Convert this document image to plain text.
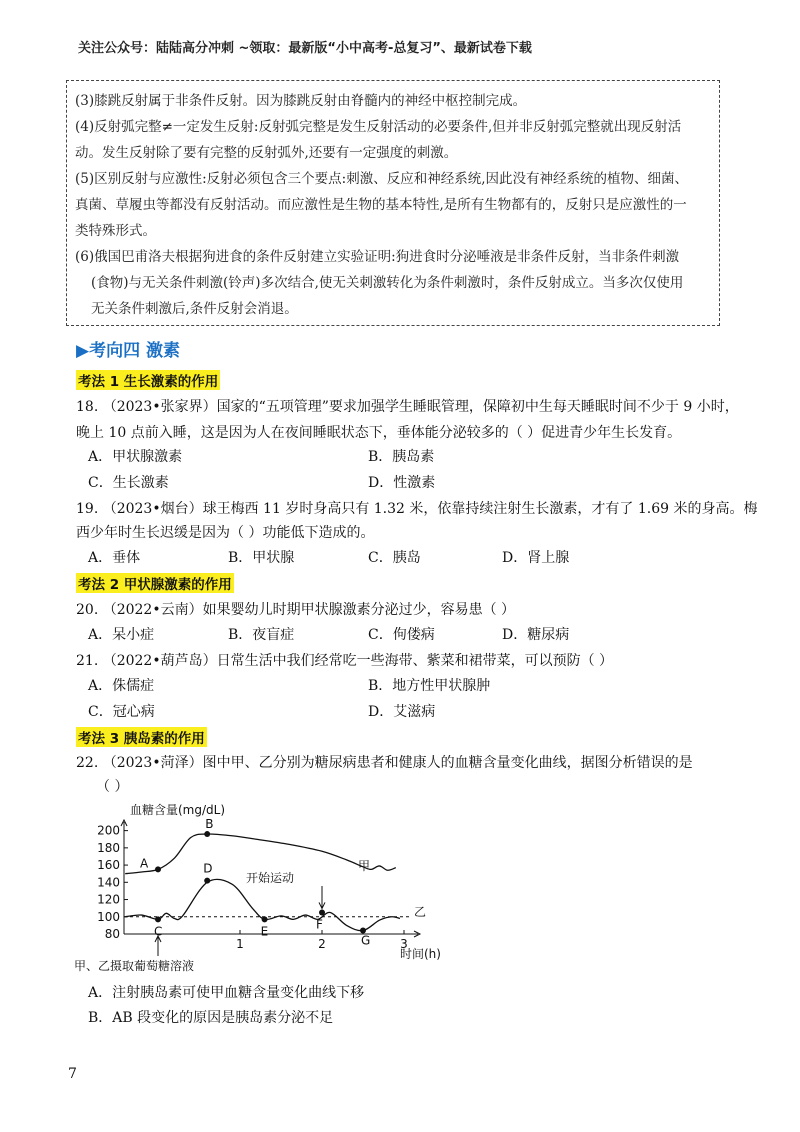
关注公众号：陆陆高分冲刺 ~领取：最新版“小中高考-总复习”、最新试卷下载
(3)膝跳反射属于非条件反射。因为膝跳反射由脊髓内的神经中枢控制完成。
(4)反射弧完整≠一定发生反射:反射弧完整是发生反射活动的必要条件,但并非反射弧完整就出现反射活
动。发生反射除了要有完整的反射弧外,还要有一定强度的刺激。
(5)区别反射与应激性:反射必须包含三个要点:刺激、反应和神经系统,因此没有神经系统的植物、细菌、
真菌、草履虫等都没有反射活动。而应激性是生物的基本特性,是所有生物都有的，反射只是应激性的一
类特殊形式。
(6)俄国巴甫洛夫根据狗进食的条件反射建立实验证明:狗进食时分泌唾液是非条件反射，当非条件刺激
(食物)与无关条件刺激(铃声)多次结合,使无关刺激转化为条件刺激时，条件反射成立。当多次仅使用
无关条件刺激后,条件反射会消退。
▶考向四 激素
考法 1 生长激素的作用
18. （2023•张家界）国家的“五项管理”要求加强学生睡眠管理，保障初中生每天睡眠时间不少于 9 小时，
晚上 10 点前入睡，这是因为人在夜间睡眠状态下，垂体能分泌较多的（ ）促进青少年生长发育。
A．甲状腺激素	B．胰岛素
C．生长激素	D．性激素
19. （2023•烟台）球王梅西 11 岁时身高只有 1.32 米，依靠持续注射生长激素，才有了 1.69 米的身高。梅
西少年时生长迟缓是因为（ ）功能低下造成的。
A．垂体	B．甲状腺	C．胰岛	D．肾上腺
考法 2 甲状腺激素的作用
20. （2022•云南）如果婴幼儿时期甲状腺激素分泌过少，容易患（ ）
A．呆小症	B．夜盲症	C．佝偻病	D．糖尿病
21. （2022•葫芦岛）日常生活中我们经常吃一些海带、紫菜和裙带菜，可以预防（ ）
A．侏儒症	B．地方性甲状腺肿
C．冠心病	D．艾滋病
考法 3 胰岛素的作用
22. （2023•菏泽）图中甲、乙分别为糖尿病患者和健康人的血糖含量变化曲线，据图分析错误的是
（ ）
血糖含量(mg/dL)
时间(h)
开始运动
甲、乙摄取葡萄糖溶液
甲
乙
200
180
160
140
120
100
80
1	2	3
A
B
C
D
E	F
G
A．注射胰岛素可使甲血糖含量变化曲线下移
B．AB 段变化的原因是胰岛素分泌不足
7
